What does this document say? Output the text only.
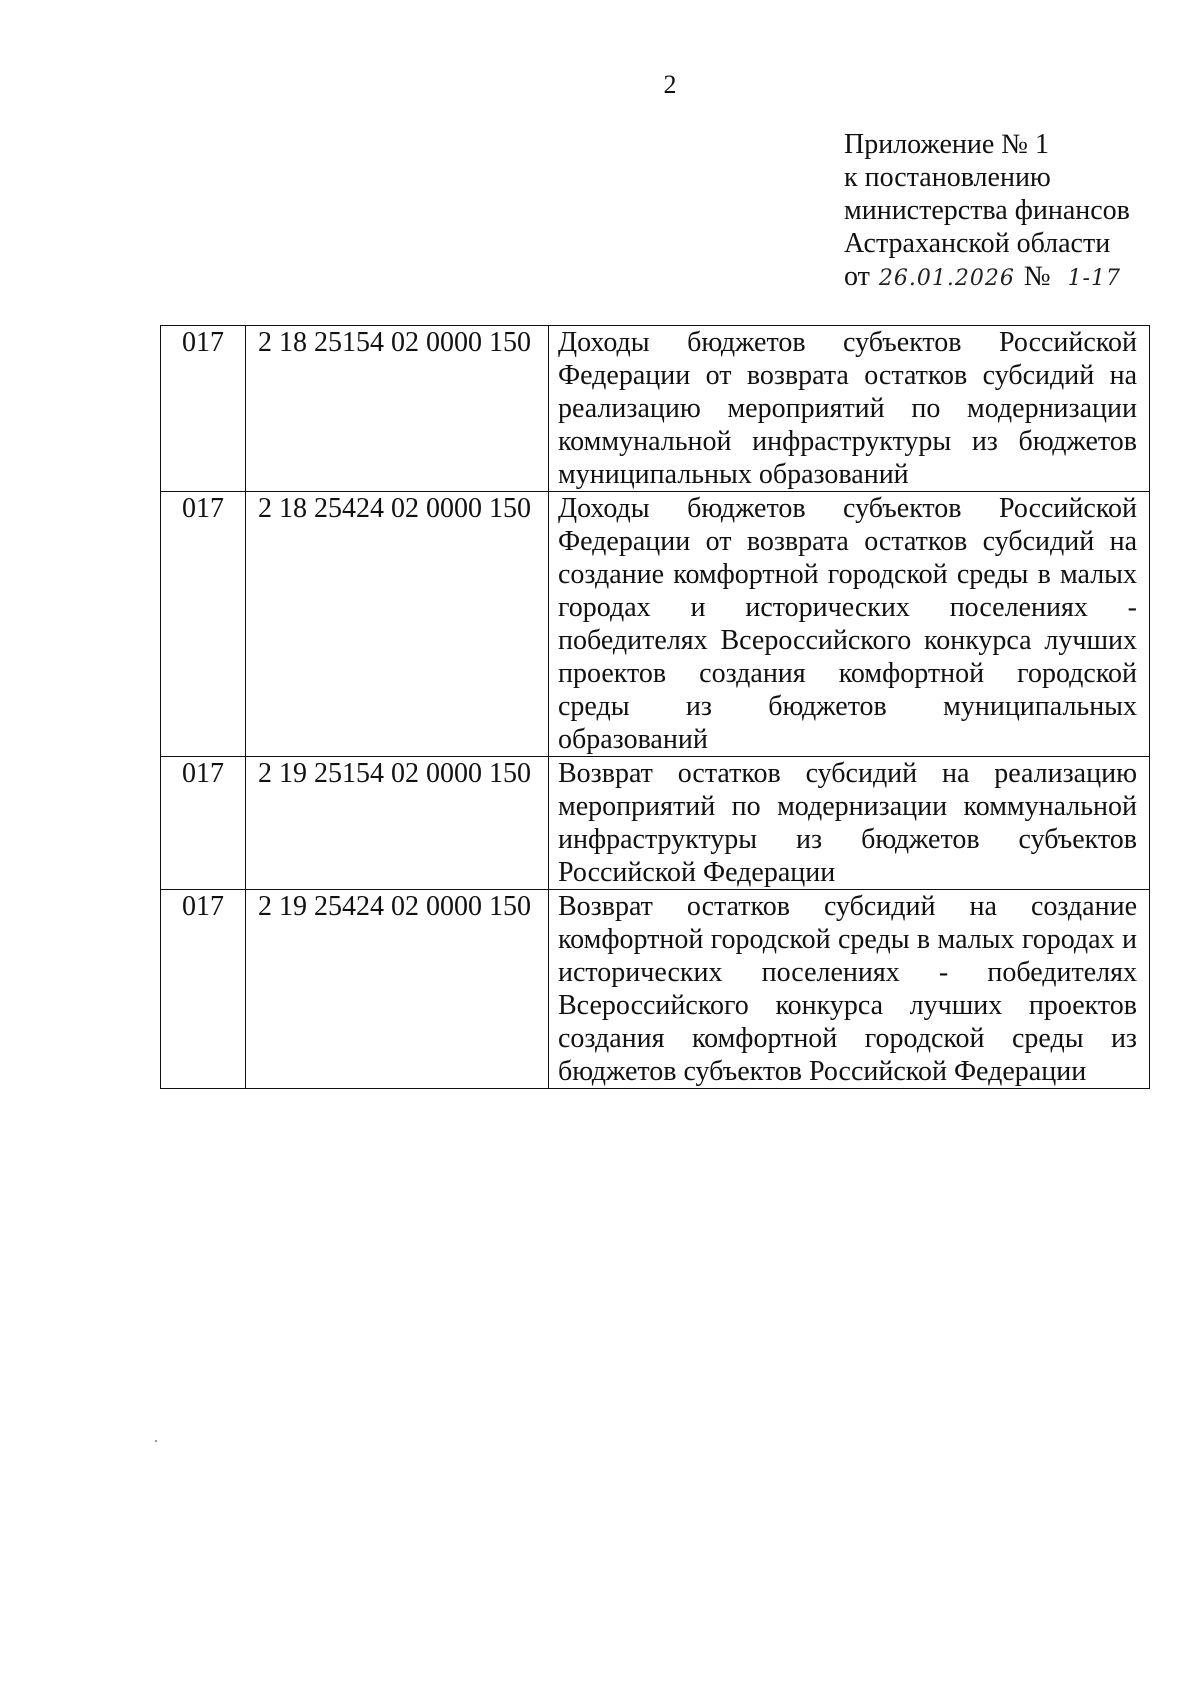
2
Приложение № 1
к постановлению
министерства финансов
Астраханской области
от 26.01.2026 № 1-17
017	2 18 25154 02 0000 150	Доходы бюджетов субъектов Российской Федерации от возврата остатков субсидий на реализацию мероприятий по модернизации коммунальной инфраструктуры из бюджетов муниципальных образований
017	2 18 25424 02 0000 150	Доходы бюджетов субъектов Российской Федерации от возврата остатков субсидий на создание комфортной городской среды в малых городах и исторических поселениях - победителях Всероссийского конкурса лучших проектов создания комфортной городской среды из бюджетов муниципальных образований
017	2 19 25154 02 0000 150	Возврат остатков субсидий на реализацию мероприятий по модернизации коммунальной инфраструктуры из бюджетов субъектов Российской Федерации
017	2 19 25424 02 0000 150	Возврат остатков субсидий на создание комфортной городской среды в малых городах и исторических поселениях - победителях Всероссийского конкурса лучших проектов создания комфортной городской среды из бюджетов субъектов Российской Федерации
